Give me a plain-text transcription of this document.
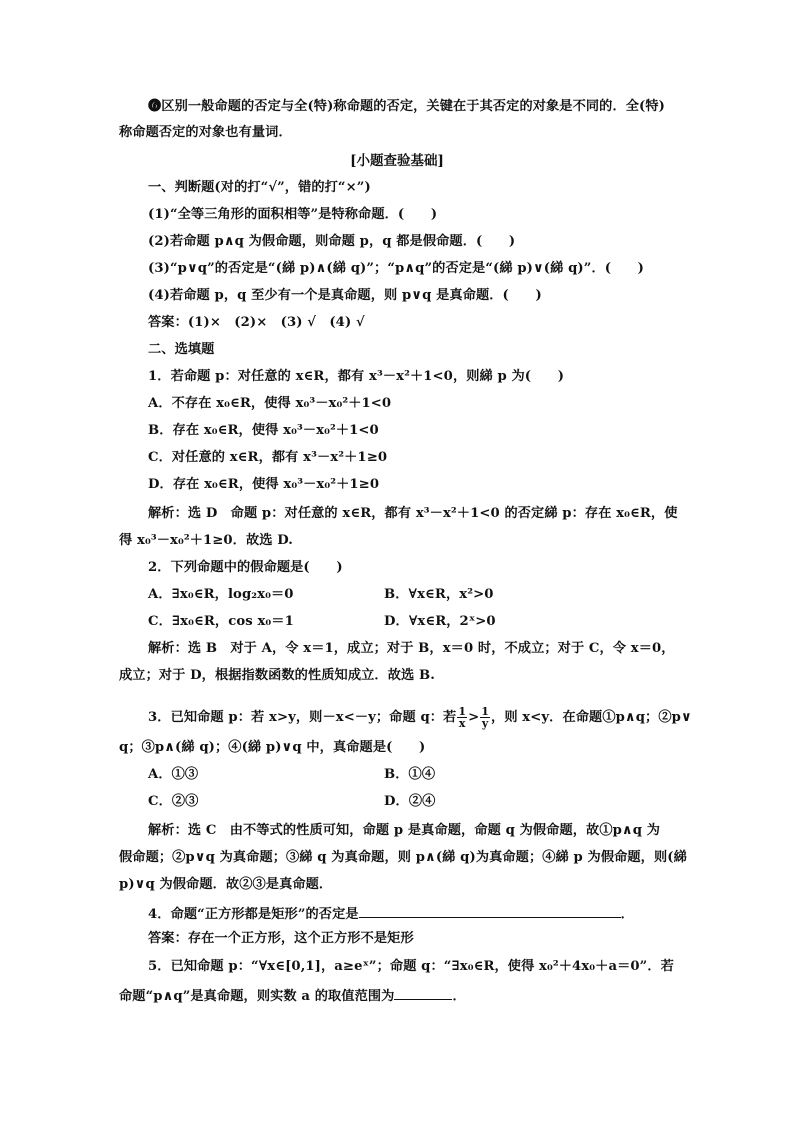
❻区别一般命题的否定与全(特)称命题的否定，关键在于其否定的对象是不同的．全(特)
称命题否定的对象也有量词．
[小题查验基础]
一、判断题(对的打“√”，错的打“×”)
(1)“全等三角形的面积相等”是特称命题．(　　)
(2)若命题 p∧q 为假命题，则命题 p，q 都是假命题．(　　)
(3)“p∨q”的否定是“(綈 p)∧(綈 q)”；“p∧q”的否定是“(綈 p)∨(綈 q)”．(　　)
(4)若命题 p，q 至少有一个是真命题，则 p∨q 是真命题．(　　)
答案：(1)×　(2)×　(3) √　(4) √
二、选填题
1．若命题 p：对任意的 x∈R，都有 x³－x²＋1<0，则綈 p 为(　　)
A．不存在 x₀∈R，使得 x₀³－x₀²＋1<0
B．存在 x₀∈R，使得 x₀³－x₀²＋1<0
C．对任意的 x∈R，都有 x³－x²＋1≥0
D．存在 x₀∈R，使得 x₀³－x₀²＋1≥0
解析：选 D　命题 p：对任意的 x∈R，都有 x³－x²＋1<0 的否定綈 p：存在 x₀∈R，使
得 x₀³－x₀²＋1≥0．故选 D.
2．下列命题中的假命题是(　　)
A．∃x₀∈R，log₂x₀＝0	B．∀x∈R，x²>0
C．∃x₀∈R，cos x₀＝1	D．∀x∈R，2ˣ>0
解析：选 B　对于 A，令 x＝1，成立；对于 B，x＝0 时，不成立；对于 C，令 x＝0，
成立；对于 D，根据指数函数的性质知成立．故选 B.
3．已知命题 p：若 x>y，则－x<－y；命题 q：若 $\frac{1}{x} > \frac{1}{y}$ ，则 x<y．在命题①p∧q；②p∨
q；③p∧(綈 q)；④(綈 p)∨q 中，真命题是(　　)
A．①③	B．①④
C．②③	D．②④
解析：选 C　由不等式的性质可知，命题 p 是真命题，命题 q 为假命题，故①p∧q 为
假命题；②p∨q 为真命题；③綈 q 为真命题，则 p∧(綈 q)为真命题；④綈 p 为假命题，则(綈
p)∨q 为假命题．故②③是真命题．
4．命题“正方形都是矩形”的否定是	．
答案：存在一个正方形，这个正方形不是矩形
5．已知命题 p：“∀x∈[0,1]，a≥eˣ”；命题 q：“∃x₀∈R，使得 x₀²＋4x₀＋a＝0”．若
命题“p∧q”是真命题，则实数 a 的取值范围为	．
